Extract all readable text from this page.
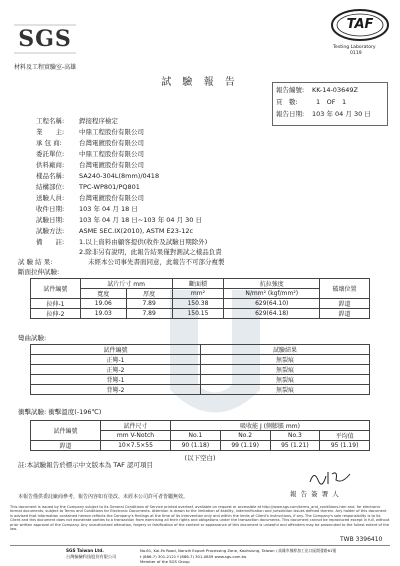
SGS
材料及工程實驗室-高雄
TAF
Testing Laboratory
0119
試 驗 報 告
報告編號: KK-14-03649Z
頁　數:	1　OF　1
報告日期: 103 年 04 月 30 日
工程名稱: 銲接程序檢定
業　　主: 中鼎工程股份有限公司
承 包 商:	台灣電鍍股份有限公司
委託單位: 中鼎工程股份有限公司
供料廠商: 台灣電鍍股份有限公司
樣品名稱: SA240-304L(8mm)/0418
結構部位: TPC-WP801/PQ801
送驗人員: 台灣電鍍股份有限公司
收件日期: 103 年 04 月 18 日
試驗日期: 103 年 04 月 18 日~103 年 04 月 30 日
試驗方法: ASME SEC.IX(2010), ASTM E23-12c
備　　註: 1.以上資料由顧客提供(收件及試驗日期除外)
2.除非另有說明，此報告結果僅對測試之樣品負責
未經本公司事先書面同意，此報告不可部分複製
試 驗 結 果:
斷面拉伸試驗:
試件編號	試片斤寸 mm		斷面積	抗拉強度	破壞位置
	寬度	厚度	mm²	N/mm² (kgf/mm²)	
拉伸-1	19.06	7.89	150.38	629(64.10)	銲道
拉伸-2	19.03	7.89	150.15	629(64.18)	銲道
彎曲試驗:
試件編號	試驗結果
正彎-1	無裂痕
正彎-2	無裂痕
背彎-1	無裂痕
背彎-2	無裂痕
衝擊試驗: 衝擊溫度(-196℃)
試件編號	試件尺寸	吸收能 J (側膨脹 mm)			
	mm V-Notch	No.1	No.2	No.3	平均值
銲道	10×7.5×55	90 (1.18)	99 (1.19)	95 (1.21)	95 (1.19)
(以下空白)
註:本試驗報告於標示中文版本為 TAF 認可項目
報 告 簽 署 人
本報告僅供委託廠商參考，報告內容如有塗改、未經本公司許可者皆屬無效。
This document is issued by the Company subject to its General Conditions of Service printed overleaf, available on request or accessible at http://www.sgs.com/terms_and_conditions.htm and, for electronic format documents, subject to Terms and Conditions for Electronic Documents. Attention is drawn to the limitation of liability, indemnification and jurisdiction issues defined therein. Any holder of this document is advised that information contained hereon reflects the Company's findings at the time of its intervention only and within the limits of Client's instructions, if any. The Company's sole responsibility is to its Client and this document does not exonerate parties to a transaction from exercising all their rights and obligations under the transaction documents. This document cannot be reproduced except in full, without prior written approval of the Company. Any unauthorized alteration, forgery or falsification of the content or appearance of this document is unlawful and offenders may be prosecuted to the fullest extent of the law.
TWB 3396410
SGS Taiwan Ltd.
台灣檢驗科技股份有限公司
No.61, Kai-Fa Road, Nanzih Export Processing Zone, Kaohsiung, Taiwan / 高雄市楠梓加工出口區開發路61號
t (886-7) 301-2121 f (886-7) 301-0859 www.sgs.com.tw
Member of the SGS Group
